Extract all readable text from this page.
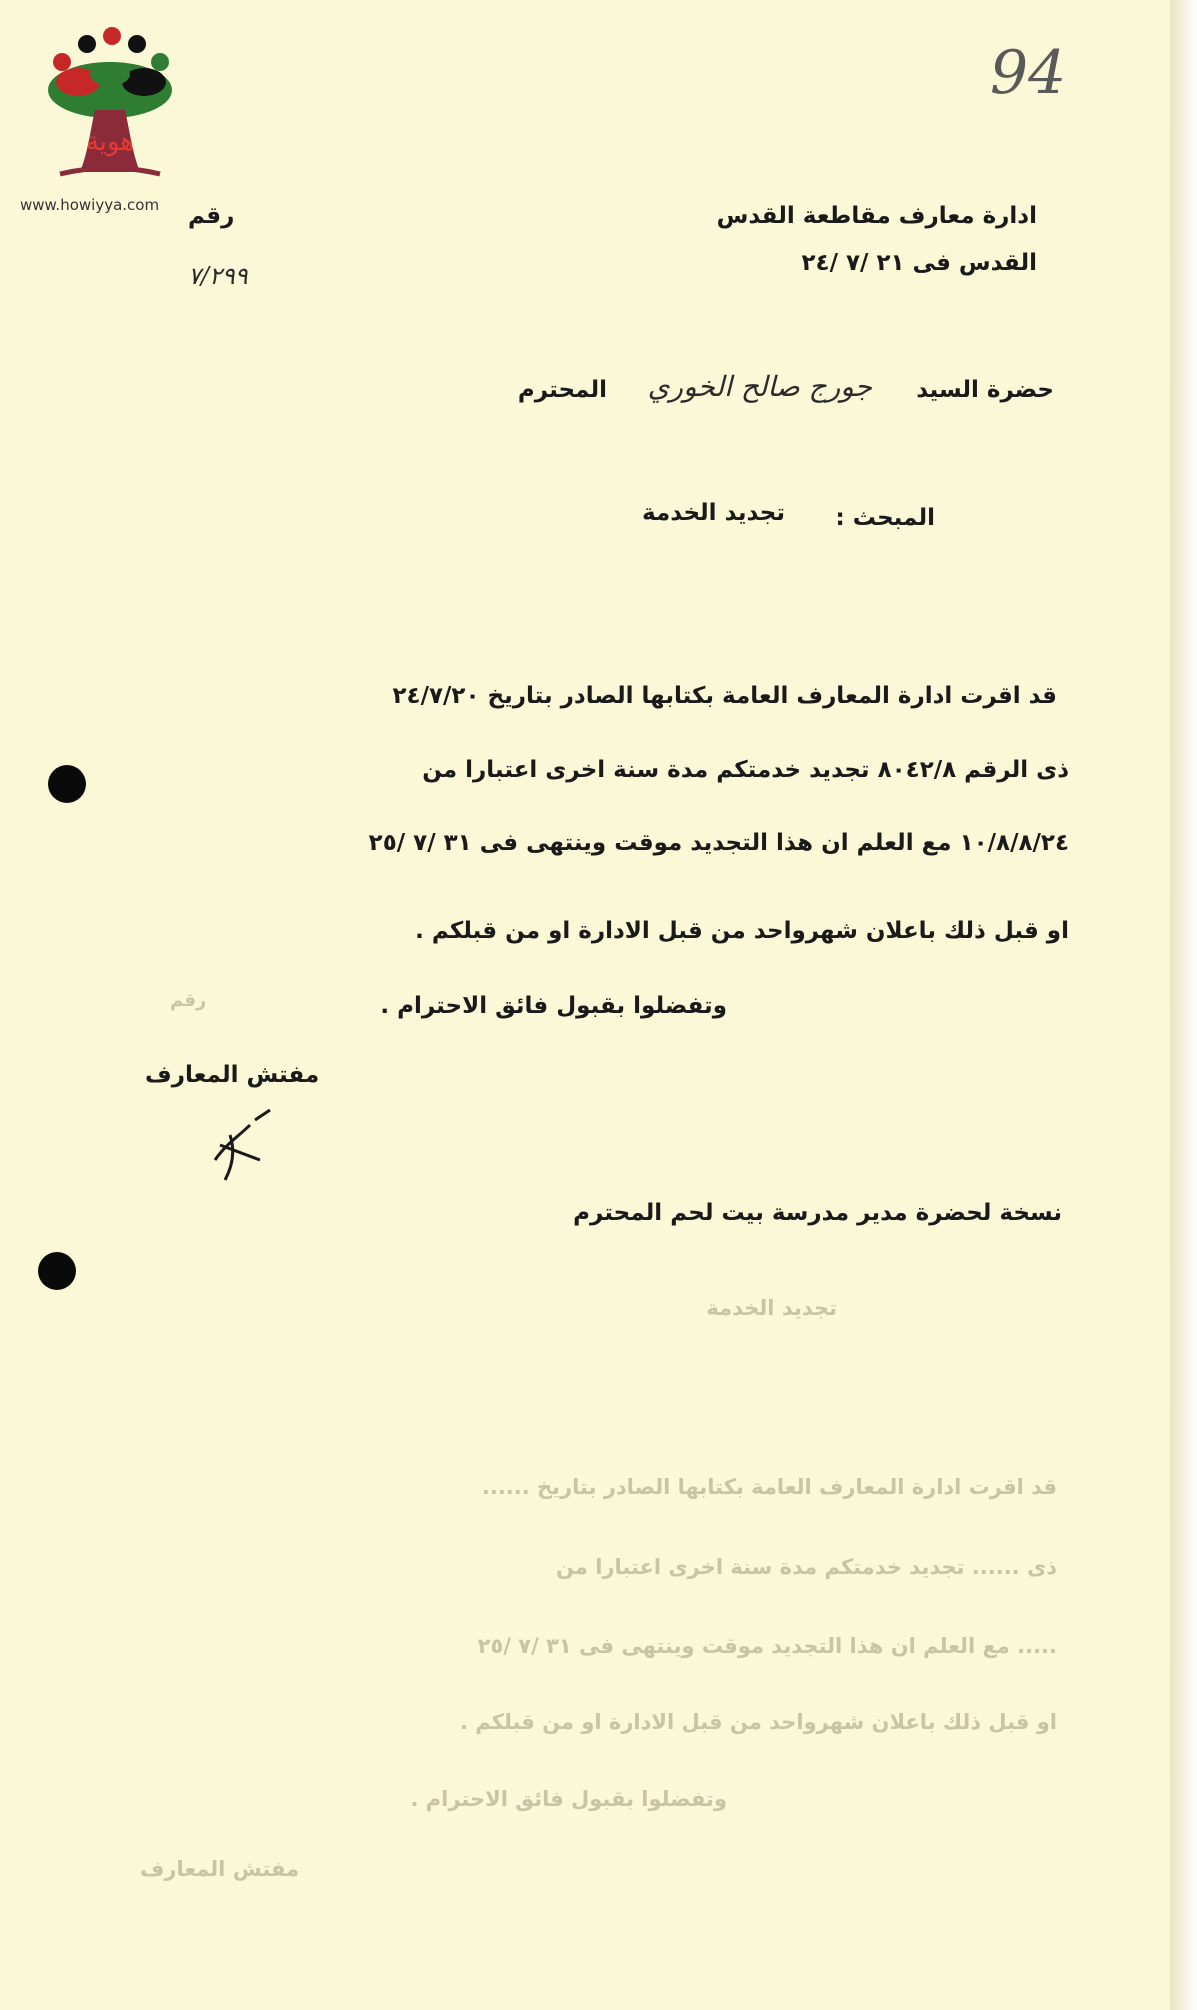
هوية
www.howiyya.com
94
ادارة معارف مقاطعة القدس
القدس فى ٢١ /٧ /٢٤
رقم
٧/٢٩٩
حضرة السيد
جورج صالح الخوري
المحترم
المبحث :
تجديد الخدمة
قد اقرت ادارة المعارف العامة بكتابها الصادر بتاريخ ٢٤/٧/٢٠
ذى الرقم ٨٠٤٢/٨ تجديد خدمتكم مدة سنة اخرى اعتبارا من
١٠/٨/٨/٢٤ مع العلم ان هذا التجديد موقت وينتهى فى ٣١ /٧ /٢٥
او قبل ذلك باعلان شهرواحد من قبل الادارة او من قبلكم .
وتفضلوا بقبول فائق الاحترام .
مفتش المعارف
نسخة لحضرة مدير مدرسة بيت لحم المحترم
رقم
تجديد الخدمة
قد اقرت ادارة المعارف العامة بكتابها الصادر بتاريخ ......
ذى ...... تجديد خدمتكم مدة سنة اخرى اعتبارا من
..... مع العلم ان هذا التجديد موقت وينتهى فى ٣١ /٧ /٢٥
او قبل ذلك باعلان شهرواحد من قبل الادارة او من قبلكم .
وتفضلوا بقبول فائق الاحترام .
مفتش المعارف
